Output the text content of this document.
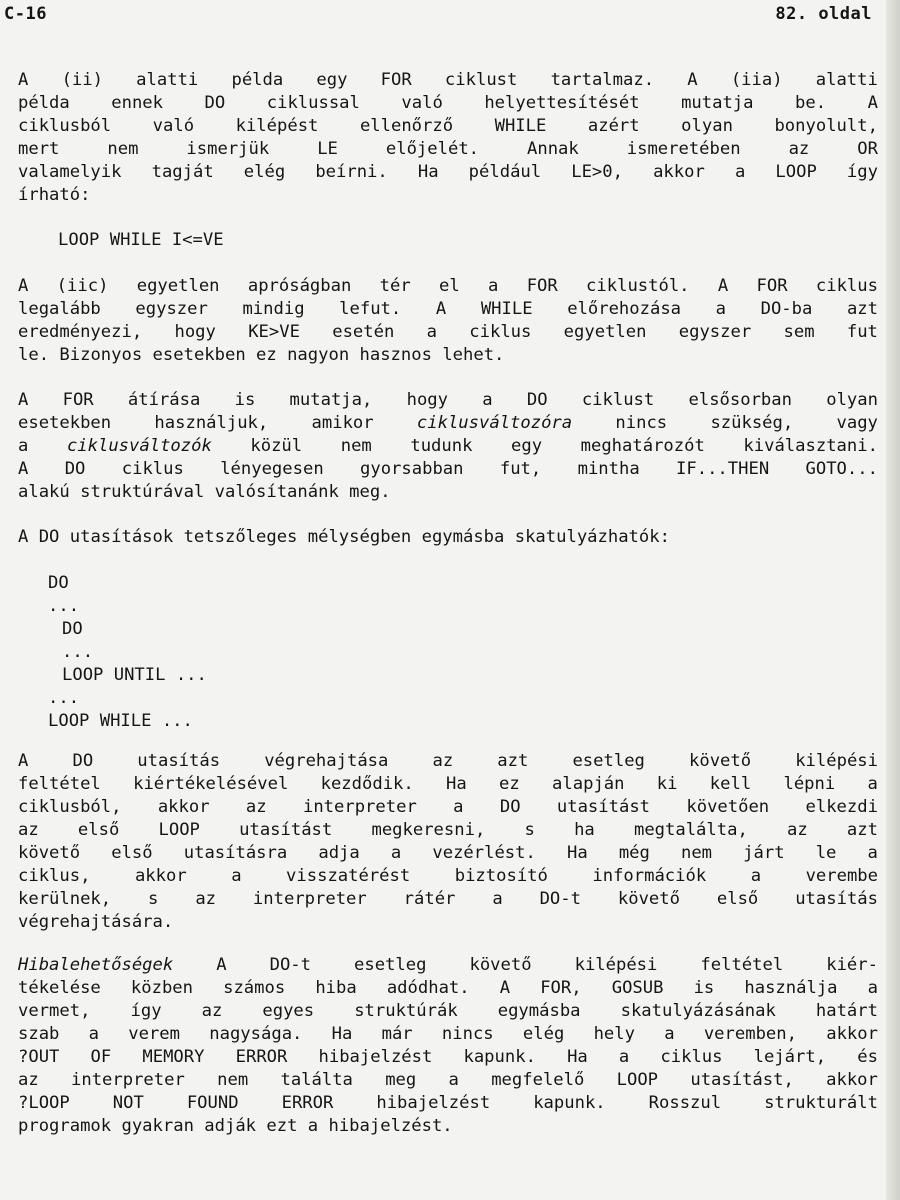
C-16	82. oldal
A (ii) alatti példa egy FOR ciklust tartalmaz. A (iia) alatti
példa ennek DO ciklussal való helyettesítését mutatja be. A
ciklusból való kilépést ellenőrző WHILE azért olyan bonyolult,
mert	nem	ismerjük	LE	előjelét.	Annak	ismeretében	az	OR
valamelyik tagját elég beírni. Ha például LE>0, akkor a LOOP így
írható:
LOOP WHILE I<=VE
A (iic) egyetlen apróságban tér el a FOR ciklustól. A FOR ciklus
legalább egyszer mindig lefut. A WHILE előrehozása a DO-ba azt
eredményezi, hogy KE>VE esetén a ciklus egyetlen egyszer sem fut
le. Bizonyos esetekben ez nagyon hasznos lehet.
A FOR átírása is mutatja, hogy a DO ciklust elsősorban olyan
esetekben	használjuk,	amikor	ciklusváltozóra	nincs	szükség,	vagy
a ciklusváltozók közül nem tudunk egy meghatározót kiválasztani.
A DO ciklus lényegesen gyorsabban fut, mintha IF...THEN GOTO...
alakú struktúrával valósítanánk meg.
A DO utasítások tetszőleges mélységben egymásba skatulyázhatók:
DO
...
DO
...
LOOP UNTIL ...
...
LOOP WHILE ...
A	DO	utasítás	végrehajtása	az	azt	esetleg	követő	kilépési
feltétel kiértékelésével kezdődik. Ha ez alapján ki kell lépni a
ciklusból, akkor az interpreter a DO utasítást követően elkezdi
az első LOOP utasítást megkeresni, s ha megtalálta, az azt
követő első utasításra adja a vezérlést. Ha még nem járt le a
ciklus,	akkor	a	visszatérést	biztosító	információk	a	verembe
kerülnek, s az interpreter rátér a DO-t követő első utasítás
végrehajtására.
Hibalehetőségek	A	DO-t	esetleg	követő	kilépési	feltétel	kiér-
tékelése közben számos hiba adódhat. A FOR, GOSUB is használja a
vermet, így az egyes struktúrák egymásba skatulyázásának határt
szab a verem nagysága. Ha már nincs elég hely a veremben, akkor
?OUT OF MEMORY ERROR hibajelzést kapunk. Ha a ciklus lejárt, és
az interpreter nem találta meg a megfelelő LOOP utasítást, akkor
?LOOP	NOT	FOUND	ERROR	hibajelzést	kapunk.	Rosszul	strukturált
programok gyakran adják ezt a hibajelzést.
